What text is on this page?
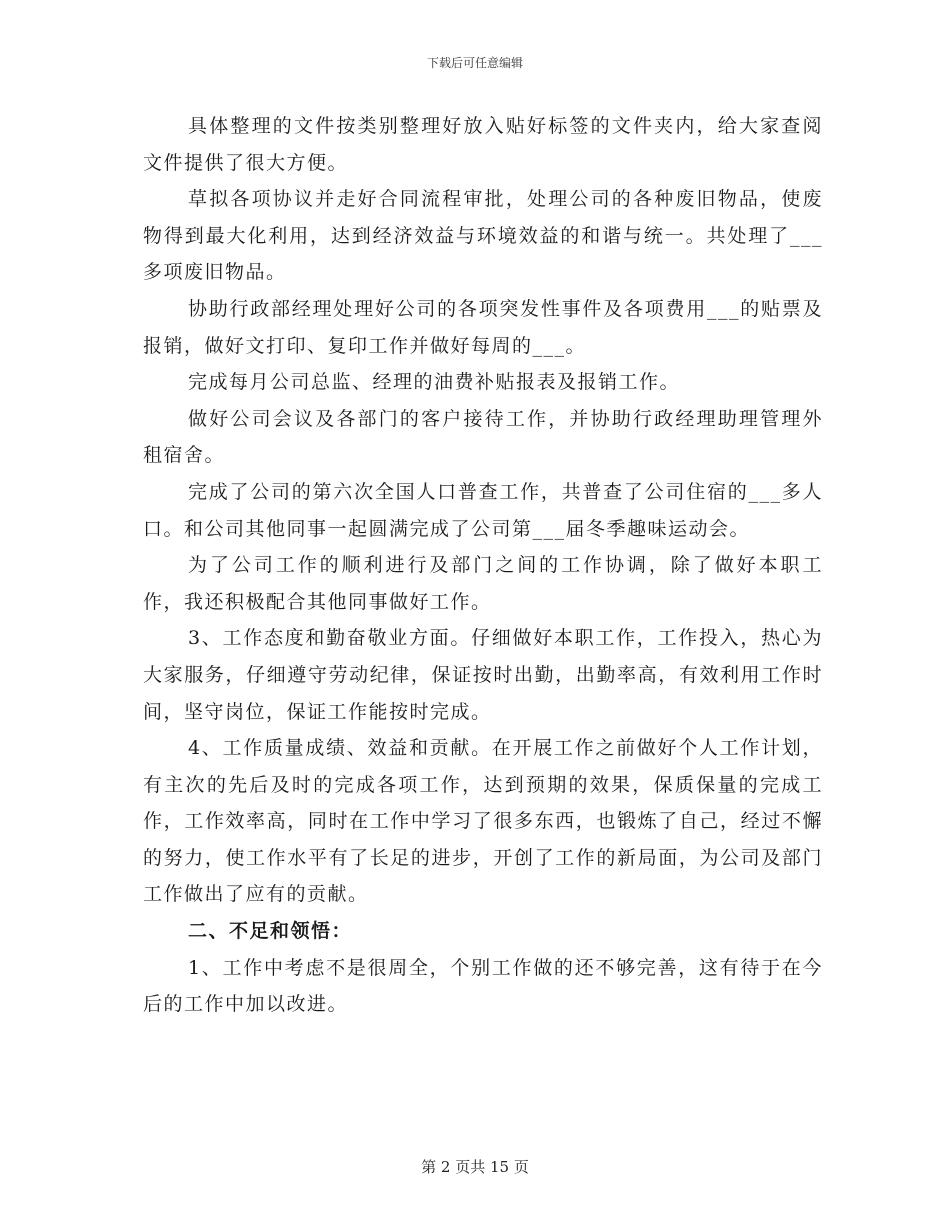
下载后可任意编辑

具体整理的文件按类别整理好放入贴好标签的文件夹内，给大家查阅文件提供了很大方便。

草拟各项协议并走好合同流程审批，处理公司的各种废旧物品，使废物得到最大化利用，达到经济效益与环境效益的和谐与统一。共处理了___多项废旧物品。

协助行政部经理处理好公司的各项突发性事件及各项费用___的贴票及报销，做好文打印、复印工作并做好每周的___。

完成每月公司总监、经理的油费补贴报表及报销工作。

做好公司会议及各部门的客户接待工作，并协助行政经理助理管理外租宿舍。

完成了公司的第六次全国人口普查工作，共普查了公司住宿的___多人口。和公司其他同事一起圆满完成了公司第___届冬季趣味运动会。

为了公司工作的顺利进行及部门之间的工作协调，除了做好本职工作，我还积极配合其他同事做好工作。

3、工作态度和勤奋敬业方面。仔细做好本职工作，工作投入，热心为大家服务，仔细遵守劳动纪律，保证按时出勤，出勤率高，有效利用工作时间，坚守岗位，保证工作能按时完成。

4、工作质量成绩、效益和贡献。在开展工作之前做好个人工作计划，有主次的先后及时的完成各项工作，达到预期的效果，保质保量的完成工作，工作效率高，同时在工作中学习了很多东西，也锻炼了自己，经过不懈的努力，使工作水平有了长足的进步，开创了工作的新局面，为公司及部门工作做出了应有的贡献。

二、不足和领悟：

1、工作中考虑不是很周全，个别工作做的还不够完善，这有待于在今后的工作中加以改进。

第 2 页共 15 页
